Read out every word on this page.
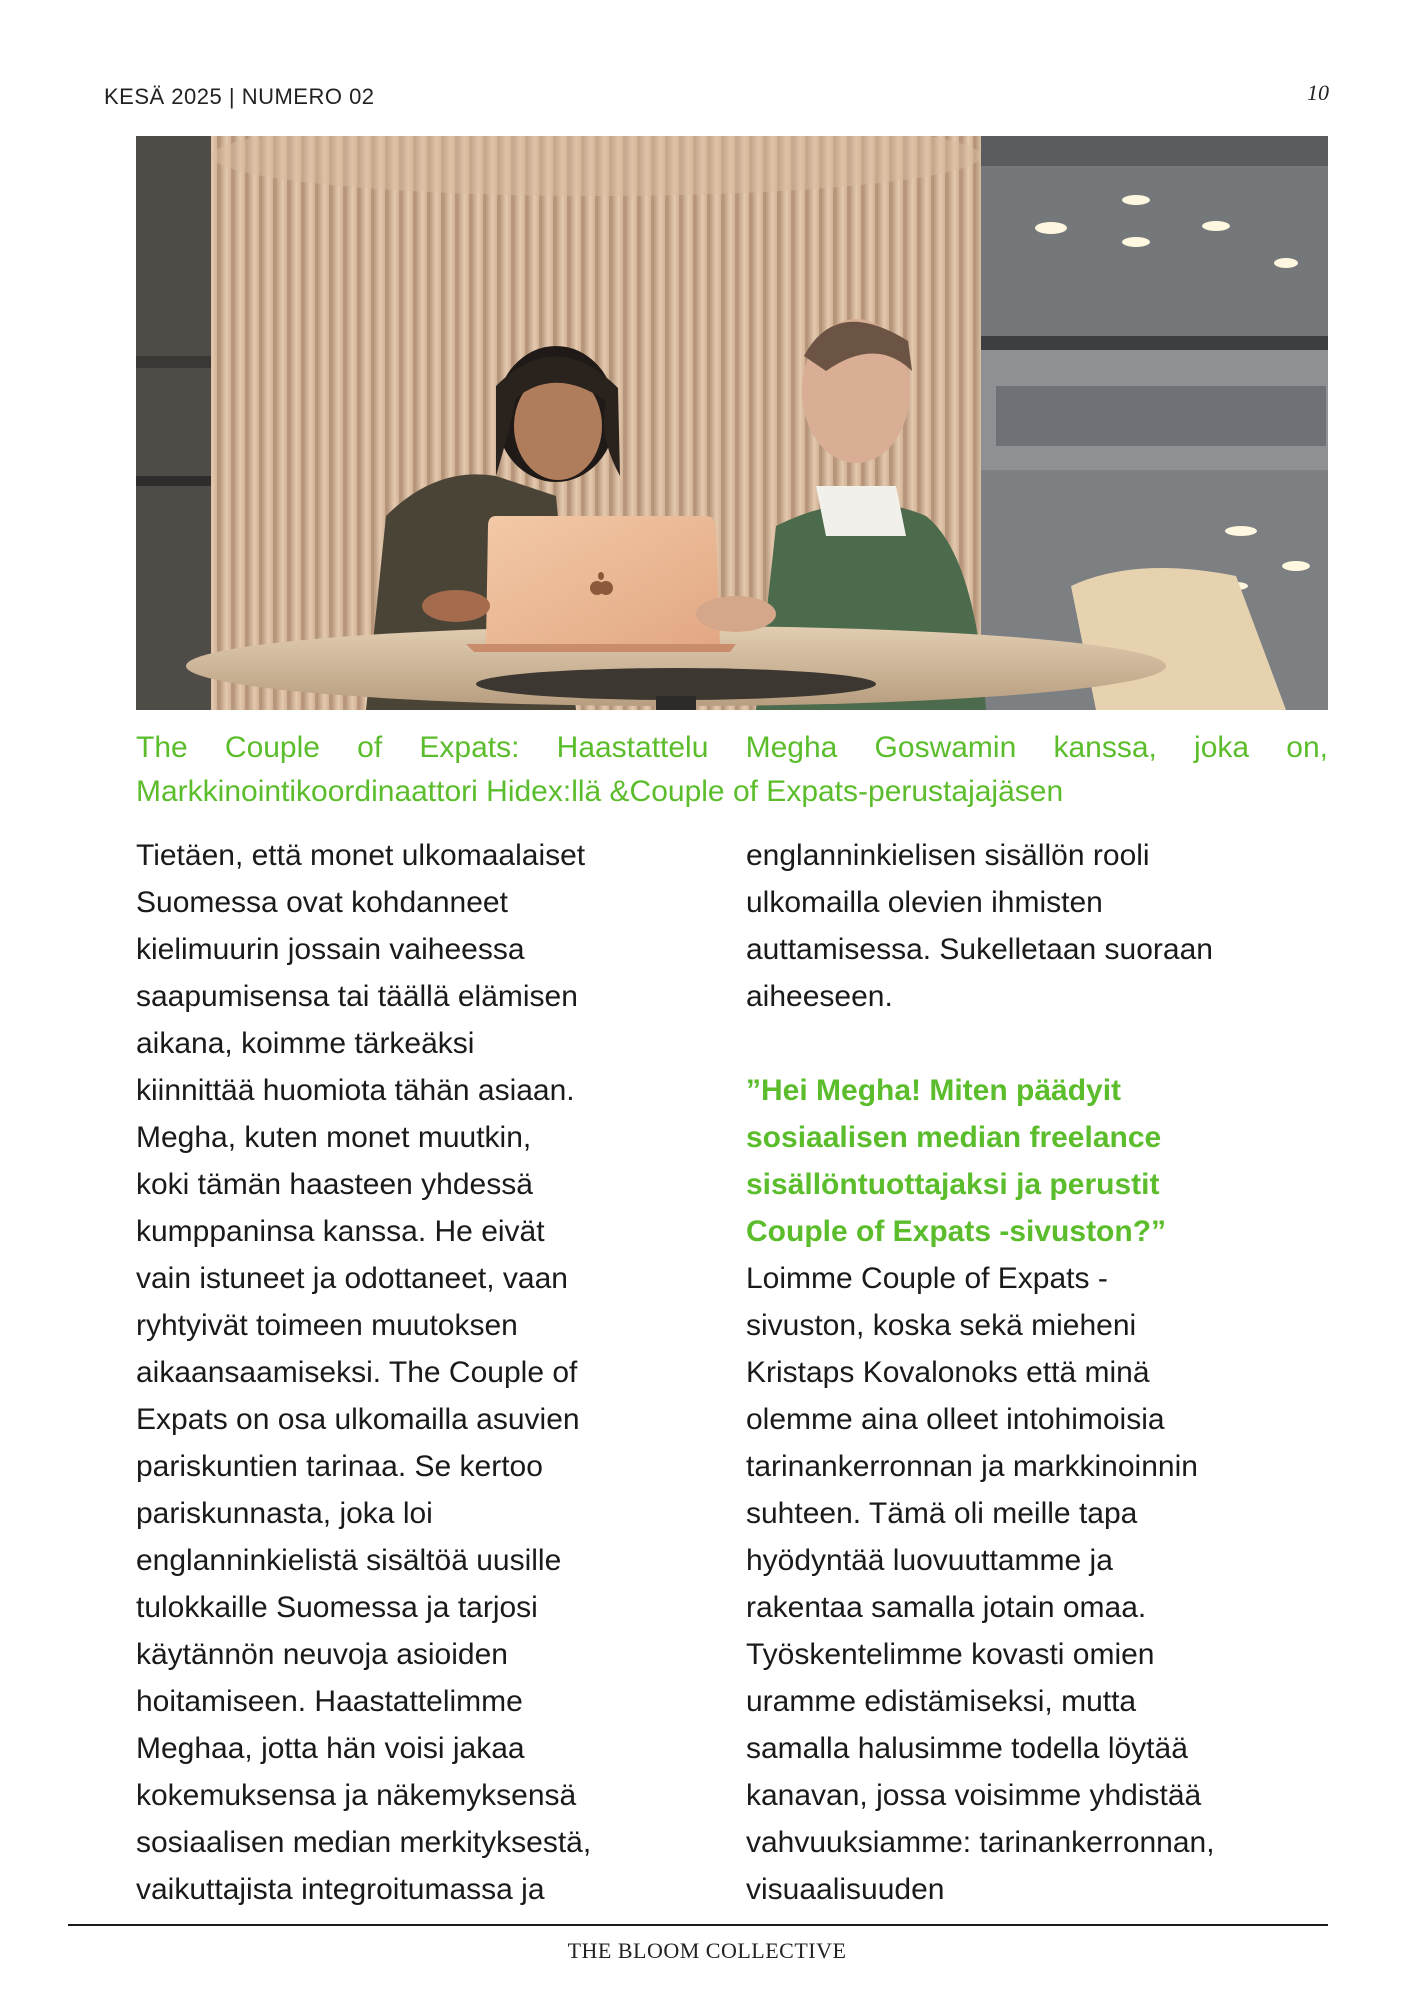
KESÄ 2025 | NUMERO 02	10
The Couple of Expats: Haastattelu Megha Goswamin kanssa, joka on,
Markkinointikoordinaattori Hidex:llä &Couple of Expats-perustajajäsen

Tietäen, että monet ulkomaalaiset

Suomessa ovat kohdanneet

kielimuurin jossain vaiheessa

saapumisensa tai täällä elämisen

aikana, koimme tärkeäksi

kiinnittää huomiota tähän asiaan.

Megha, kuten monet muutkin,

koki tämän haasteen yhdessä

kumppaninsa kanssa. He eivät

vain istuneet ja odottaneet, vaan

ryhtyivät toimeen muutoksen

aikaansaamiseksi. The Couple of

Expats on osa ulkomailla asuvien

pariskuntien tarinaa. Se kertoo

pariskunnasta, joka loi

englanninkielistä sisältöä uusille

tulokkaille Suomessa ja tarjosi

käytännön neuvoja asioiden

hoitamiseen. Haastattelimme

Meghaa, jotta hän voisi jakaa

kokemuksensa ja näkemyksensä

sosiaalisen median merkityksestä,

vaikuttajista integroitumassa ja

englanninkielisen sisällön rooli

ulkomailla olevien ihmisten

auttamisessa. Sukelletaan suoraan

aiheeseen.

”Hei Megha! Miten päädyit

sosiaalisen median freelance

sisällöntuottajaksi ja perustit

Couple of Expats -sivuston?”

Loimme Couple of Expats -

sivuston, koska sekä mieheni

Kristaps Kovalonoks että minä

olemme aina olleet intohimoisia

tarinankerronnan ja markkinoinnin

suhteen. Tämä oli meille tapa

hyödyntää luovuuttamme ja

rakentaa samalla jotain omaa.

Työskentelimme kovasti omien

uramme edistämiseksi, mutta

samalla halusimme todella löytää

kanavan, jossa voisimme yhdistää

vahvuuksiamme: tarinankerronnan,

visuaalisuuden

THE BLOOM COLLECTIVE
